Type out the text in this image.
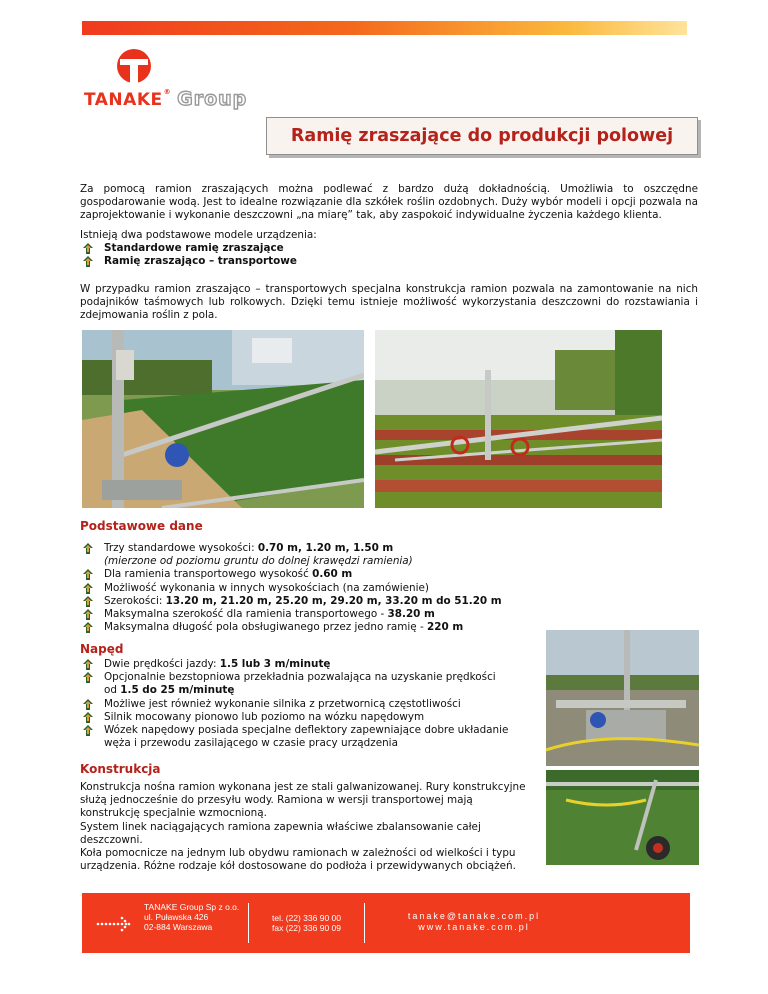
TANAKE® Group
Ramię zraszające do produkcji polowej
Za pomocą ramion zraszających można podlewać z bardzo dużą dokładnością. Umożliwia to oszczędne gospodarowanie wodą. Jest to idealne rozwiązanie dla szkółek roślin ozdobnych. Duży wybór modeli i opcji pozwala na zaprojektowanie i wykonanie deszczowni „na miarę” tak, aby zaspokoić indywidualne życzenia każdego klienta.
Istnieją dwa podstawowe modele urządzenia:
Standardowe ramię zraszające
Ramię zraszająco – transportowe
W przypadku ramion zraszająco – transportowych specjalna konstrukcja ramion pozwala na zamontowanie na nich podajników taśmowych lub rolkowych. Dzięki temu istnieje możliwość wykorzystania deszczowni do rozstawiania i zdejmowania roślin z pola.
Podstawowe dane
Trzy standardowe wysokości: 0.70 m, 1.20 m, 1.50 m
(mierzone od poziomu gruntu do dolnej krawędzi ramienia)
Dla ramienia transportowego wysokość 0.60 m
Możliwość wykonania w innych wysokościach (na zamówienie)
Szerokości: 13.20 m, 21.20 m, 25.20 m, 29.20 m, 33.20 m do 51.20 m
Maksymalna szerokość dla ramienia transportowego - 38.20 m
Maksymalna długość pola obsługiwanego przez jedno ramię - 220 m
Napęd
Dwie prędkości jazdy: 1.5 lub 3 m/minutę
Opcjonalnie bezstopniowa przekładnia pozwalająca na uzyskanie prędkości
od 1.5 do 25 m/minutę
Możliwe jest również wykonanie silnika z przetwornicą częstotliwości
Silnik mocowany pionowo lub poziomo na wózku napędowym
Wózek napędowy posiada specjalne deflektory zapewniające dobre układanie węża i przewodu zasilającego w czasie pracy urządzenia
Konstrukcja
Konstrukcja nośna ramion wykonana jest ze stali galwanizowanej. Rury konstrukcyjne służą jednocześnie do przesyłu wody. Ramiona w wersji transportowej mają konstrukcję specjalnie wzmocnioną.
System linek naciągających ramiona zapewnia właściwe zbalansowanie całej deszczowni.
Koła pomocnicze na jednym lub obydwu ramionach w zależności od wielkości i typu urządzenia. Różne rodzaje kół dostosowane do podłoża i przewidywanych obciążeń.
TANAKE Group Sp z o.o.
ul. Puławska 426
02-884 Warszawa
tel. (22) 336 90 00
fax (22) 336 90 09
tanake@tanake.com.pl
www.tanake.com.pl
